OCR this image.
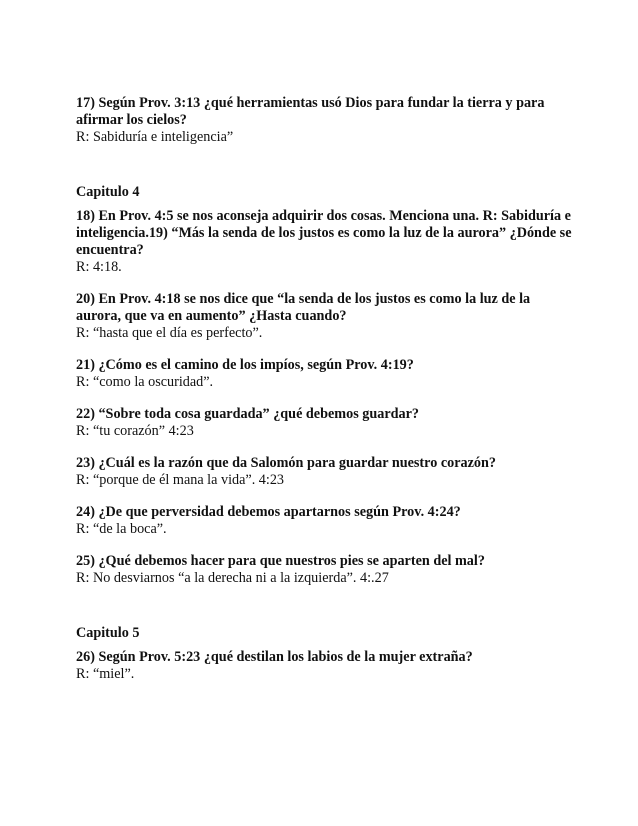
17) Según Prov. 3:13 ¿qué herramientas usó Dios para fundar la tierra y para afirmar los cielos?

R: Sabiduría e inteligencia”

Capitulo 4

18) En Prov. 4:5 se nos aconseja adquirir dos cosas. Menciona una. R: Sabiduría e inteligencia.19) “Más la senda de los justos es como la luz de la aurora” ¿Dónde se encuentra?

R: 4:18.

20) En Prov. 4:18 se nos dice que “la senda de los justos es como la luz de la aurora, que va en aumento” ¿Hasta cuando?

R: “hasta que el día es perfecto”.

21) ¿Cómo es el camino de los impíos, según Prov. 4:19?

R: “como la oscuridad”.

22) “Sobre toda cosa guardada” ¿qué debemos guardar?

R: “tu corazón” 4:23

23) ¿Cuál es la razón que da Salomón para guardar nuestro corazón?

R: “porque de él mana la vida”. 4:23

24) ¿De que perversidad debemos apartarnos según Prov. 4:24?

R: “de la boca”.

25) ¿Qué debemos hacer para que nuestros pies se aparten del mal?

R: No desviarnos “a la derecha ni a la izquierda”. 4:.27

Capitulo 5

26) Según Prov. 5:23 ¿qué destilan los labios de la mujer extraña?

R: “miel”.
